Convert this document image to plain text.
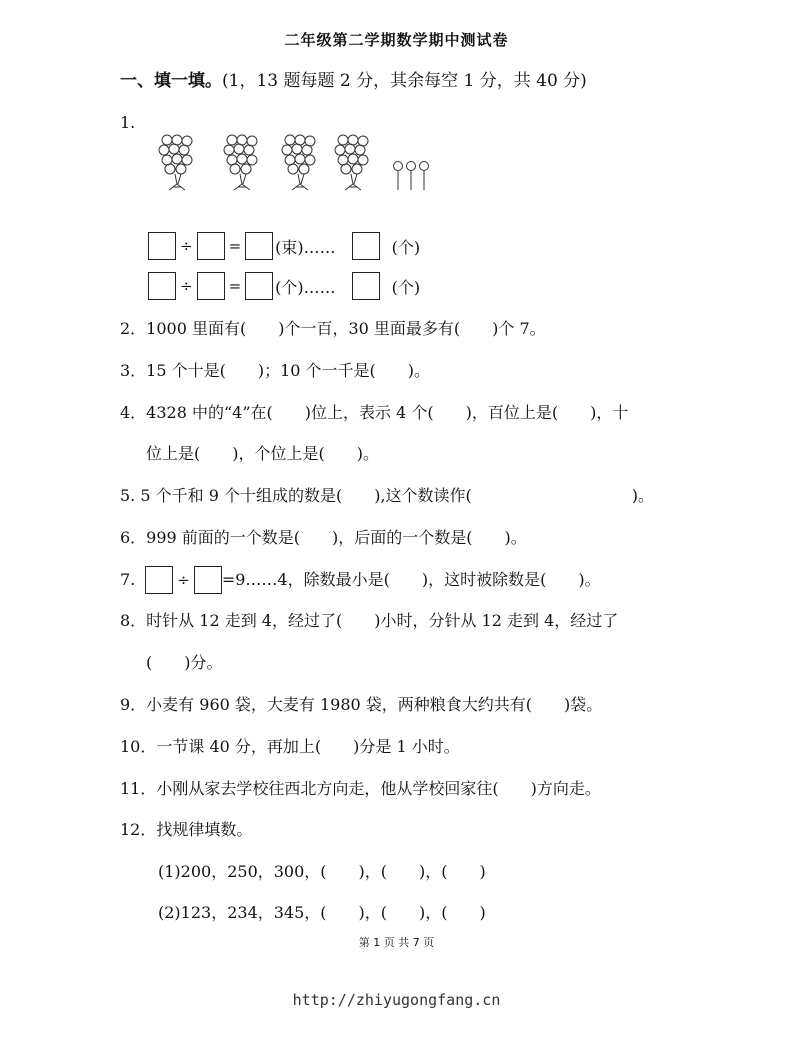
二年级第二学期数学期中测试卷
一、填一填。(1，13 题每题 2 分，其余每空 1 分，共 40 分)
1.
÷ = (束)……	(个)
÷ = (个)……	(个)
2．1000 里面有(　　)个一百，30 里面最多有(　　)个 7。
3．15 个十是(　　)；10 个一千是(　　)。
4．4328 中的“4”在(　　)位上，表示 4 个(　　)，百位上是(　　)，十
位上是(　　)，个位上是(　　)。
5. 5 个千和 9 个十组成的数是(　　),这个数读作(　　　　　　　　　　)。
6．999 前面的一个数是(　　)，后面的一个数是(　　)。
7.	÷ =9……4，除数最小是(　　)，这时被除数是(　　)。
8．时针从 12 走到 4，经过了(　　)小时，分针从 12 走到 4，经过了
(　　)分。
9．小麦有 960 袋，大麦有 1980 袋，两种粮食大约共有(　　)袋。
10．一节课 40 分，再加上(　　)分是 1 小时。
11．小刚从家去学校往西北方向走，他从学校回家往(　　)方向走。
12．找规律填数。
(1)200，250，300，(　　)，(　　)，(　　)
(2)123，234，345，(　　)，(　　)，(　　)
第 1 页 共 7 页
http://zhiyugongfang.cn
